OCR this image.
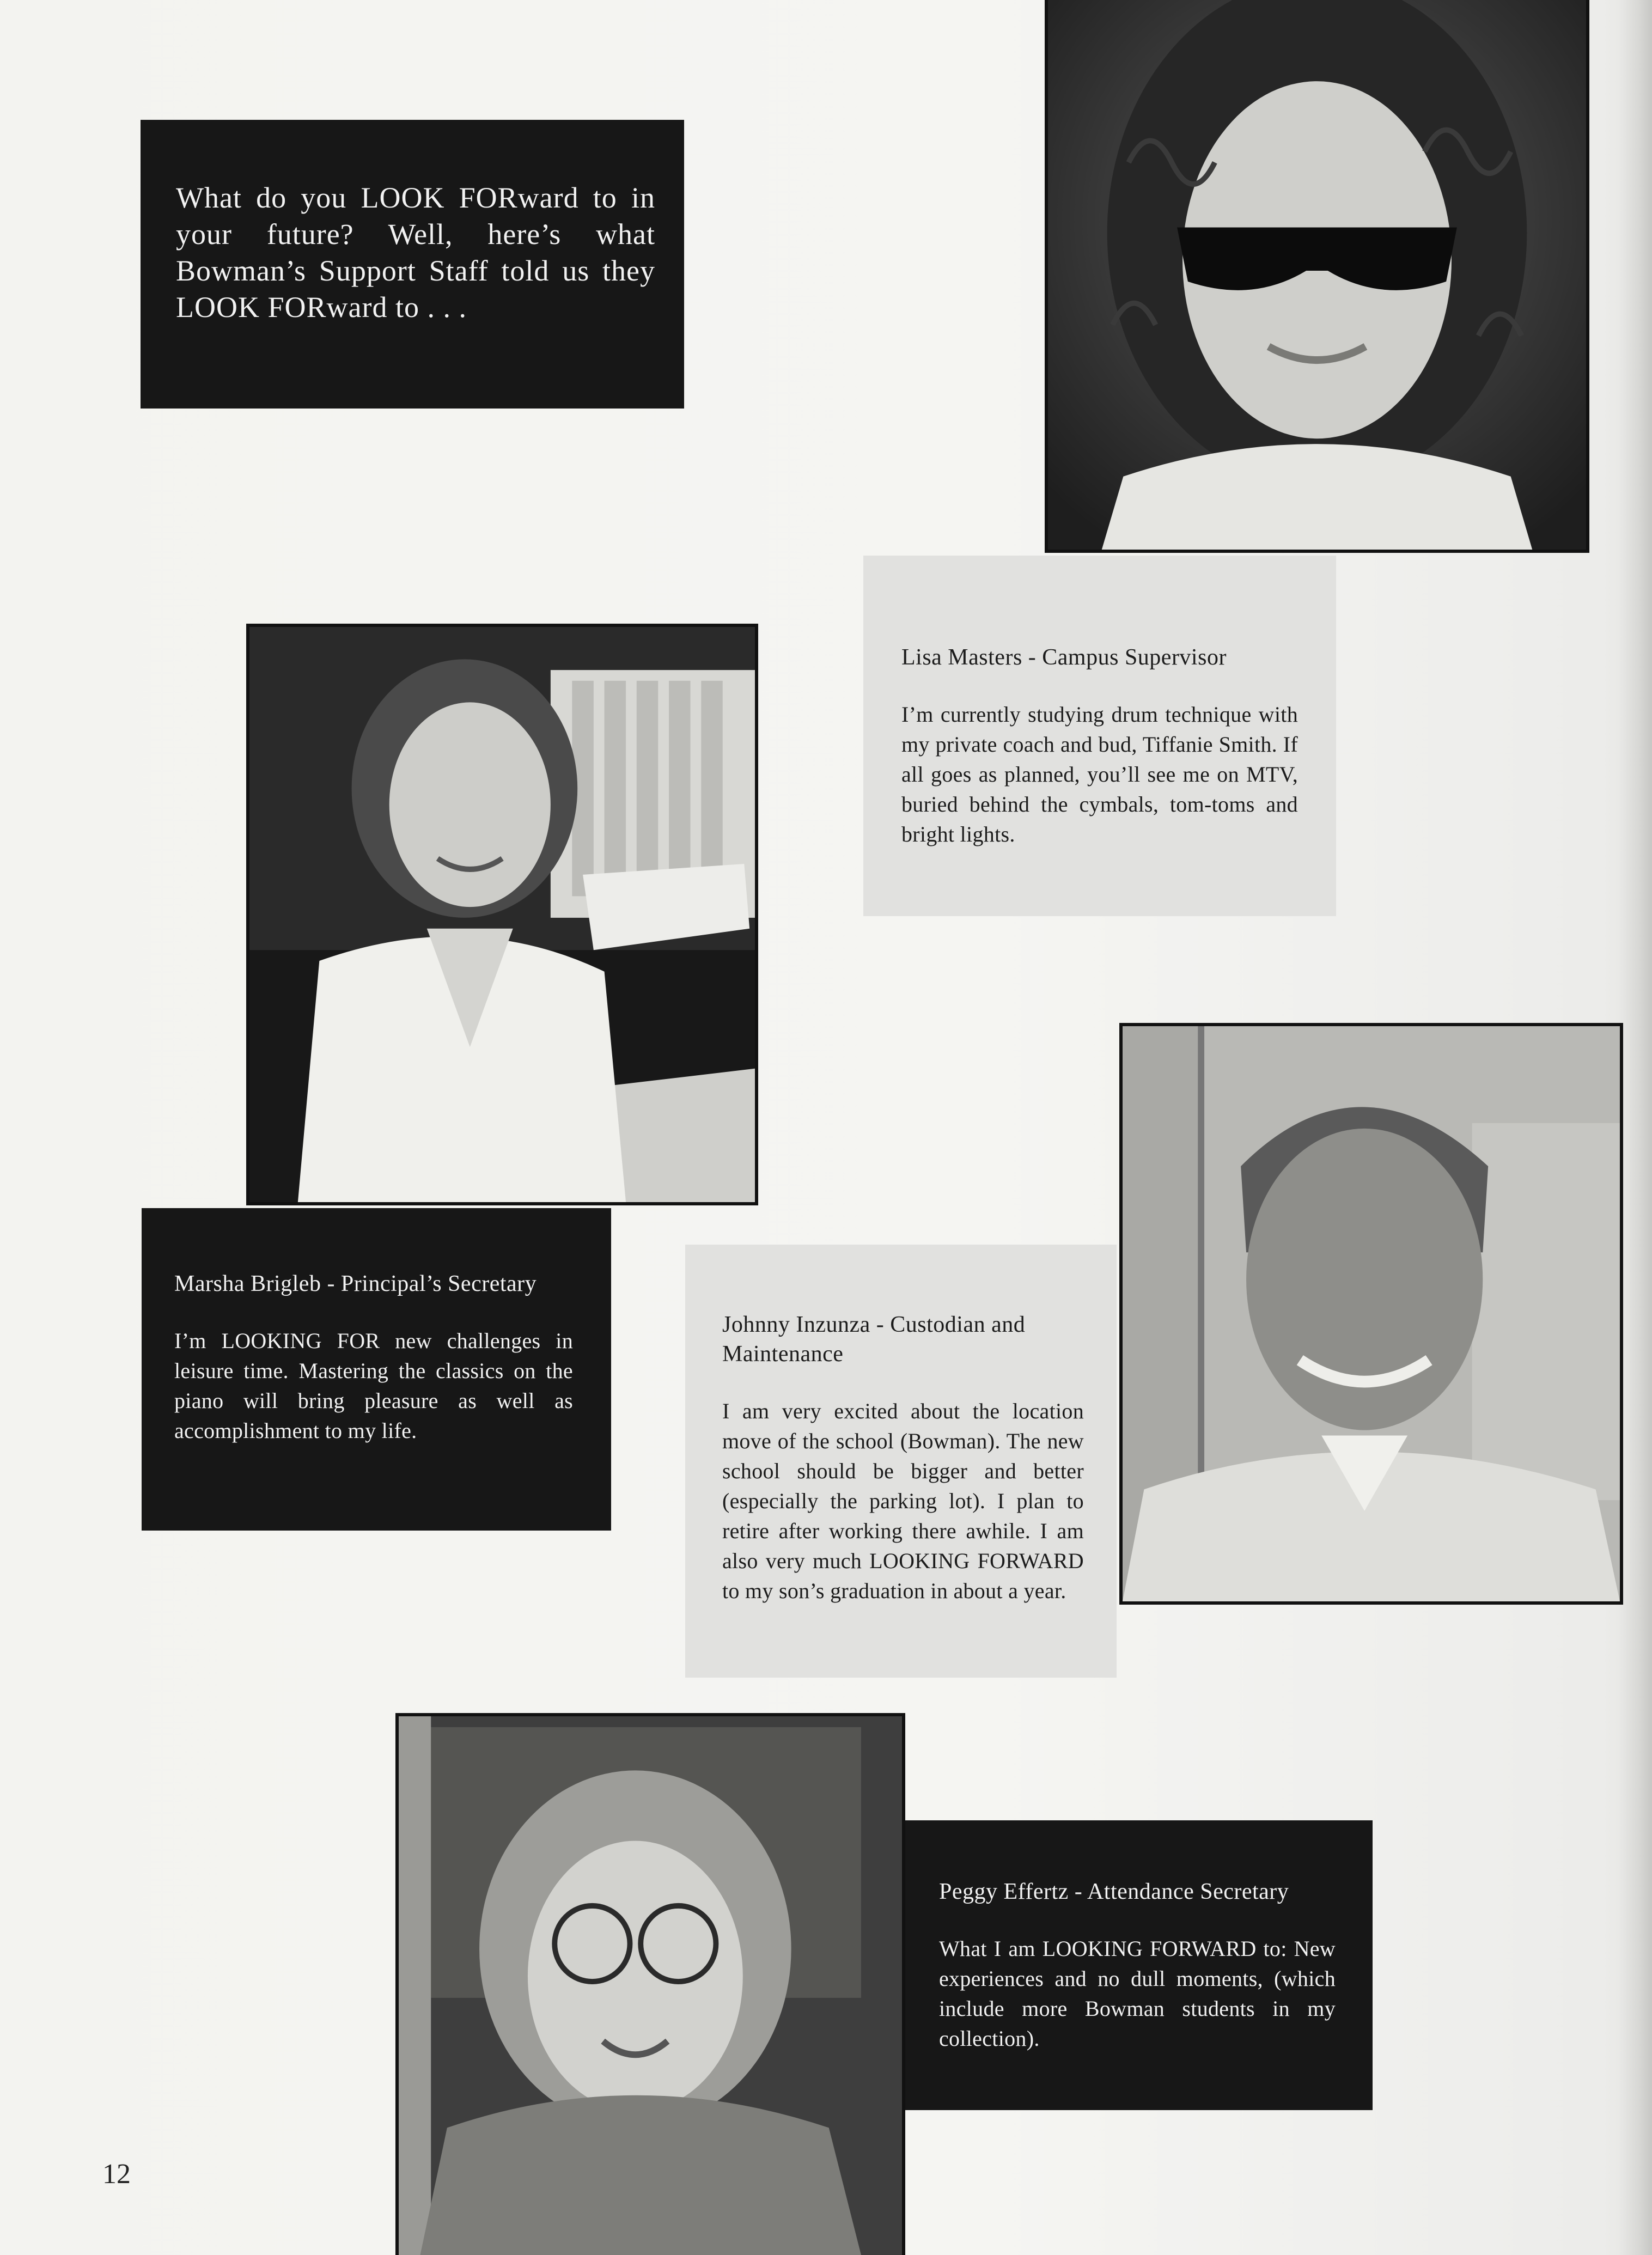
What do you LOOK FORward to in your future? Well, here’s what Bowman’s Support Staff told us they LOOK FORward to . . .
Lisa Masters - Campus Supervisor
I’m currently studying drum technique with my private coach and bud, Tiffanie Smith. If all goes as planned, you’ll see me on MTV, buried behind the cymbals, tom-toms and bright lights.
Marsha Brigleb - Principal’s Secretary
I’m LOOKING FOR new challenges in leisure time. Mastering the classics on the piano will bring pleasure as well as accomplishment to my life.
Johnny Inzunza - Custodian and Maintenance
I am very excited about the location move of the school (Bowman). The new school should be bigger and better (especially the parking lot). I plan to retire after working there awhile. I am also very much LOOKING FORWARD to my son’s graduation in about a year.
Peggy Effertz - Attendance Secretary
What I am LOOKING FORWARD to: New experiences and no dull moments, (which include more Bowman students in my collection).
12
